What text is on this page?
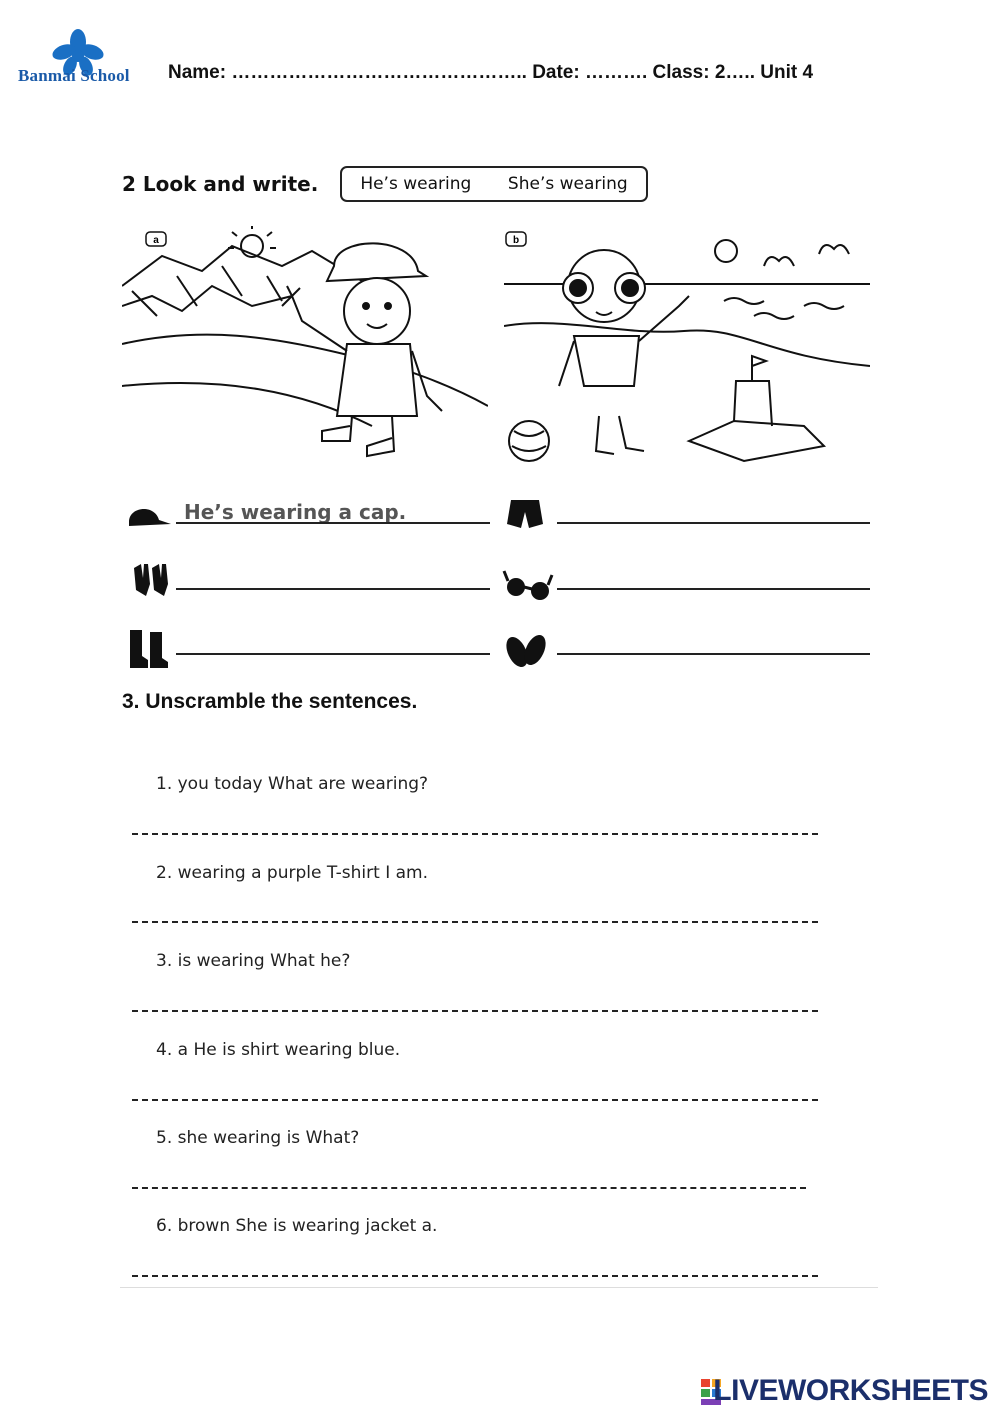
Banmai School	Name: ……………………………………….. Date: ………. Class: 2….. Unit 4
2 Look and write. He’s wearing She’s wearing
a	b
He’s wearing a cap.
3. Unscramble the sentences.
1. you today What are wearing?
2. wearing a purple T-shirt I am.
3. is wearing What he?
4. a He is shirt wearing blue.
5. she wearing is What?
6. brown She is wearing jacket a.
LIVEWORKSHEETS
